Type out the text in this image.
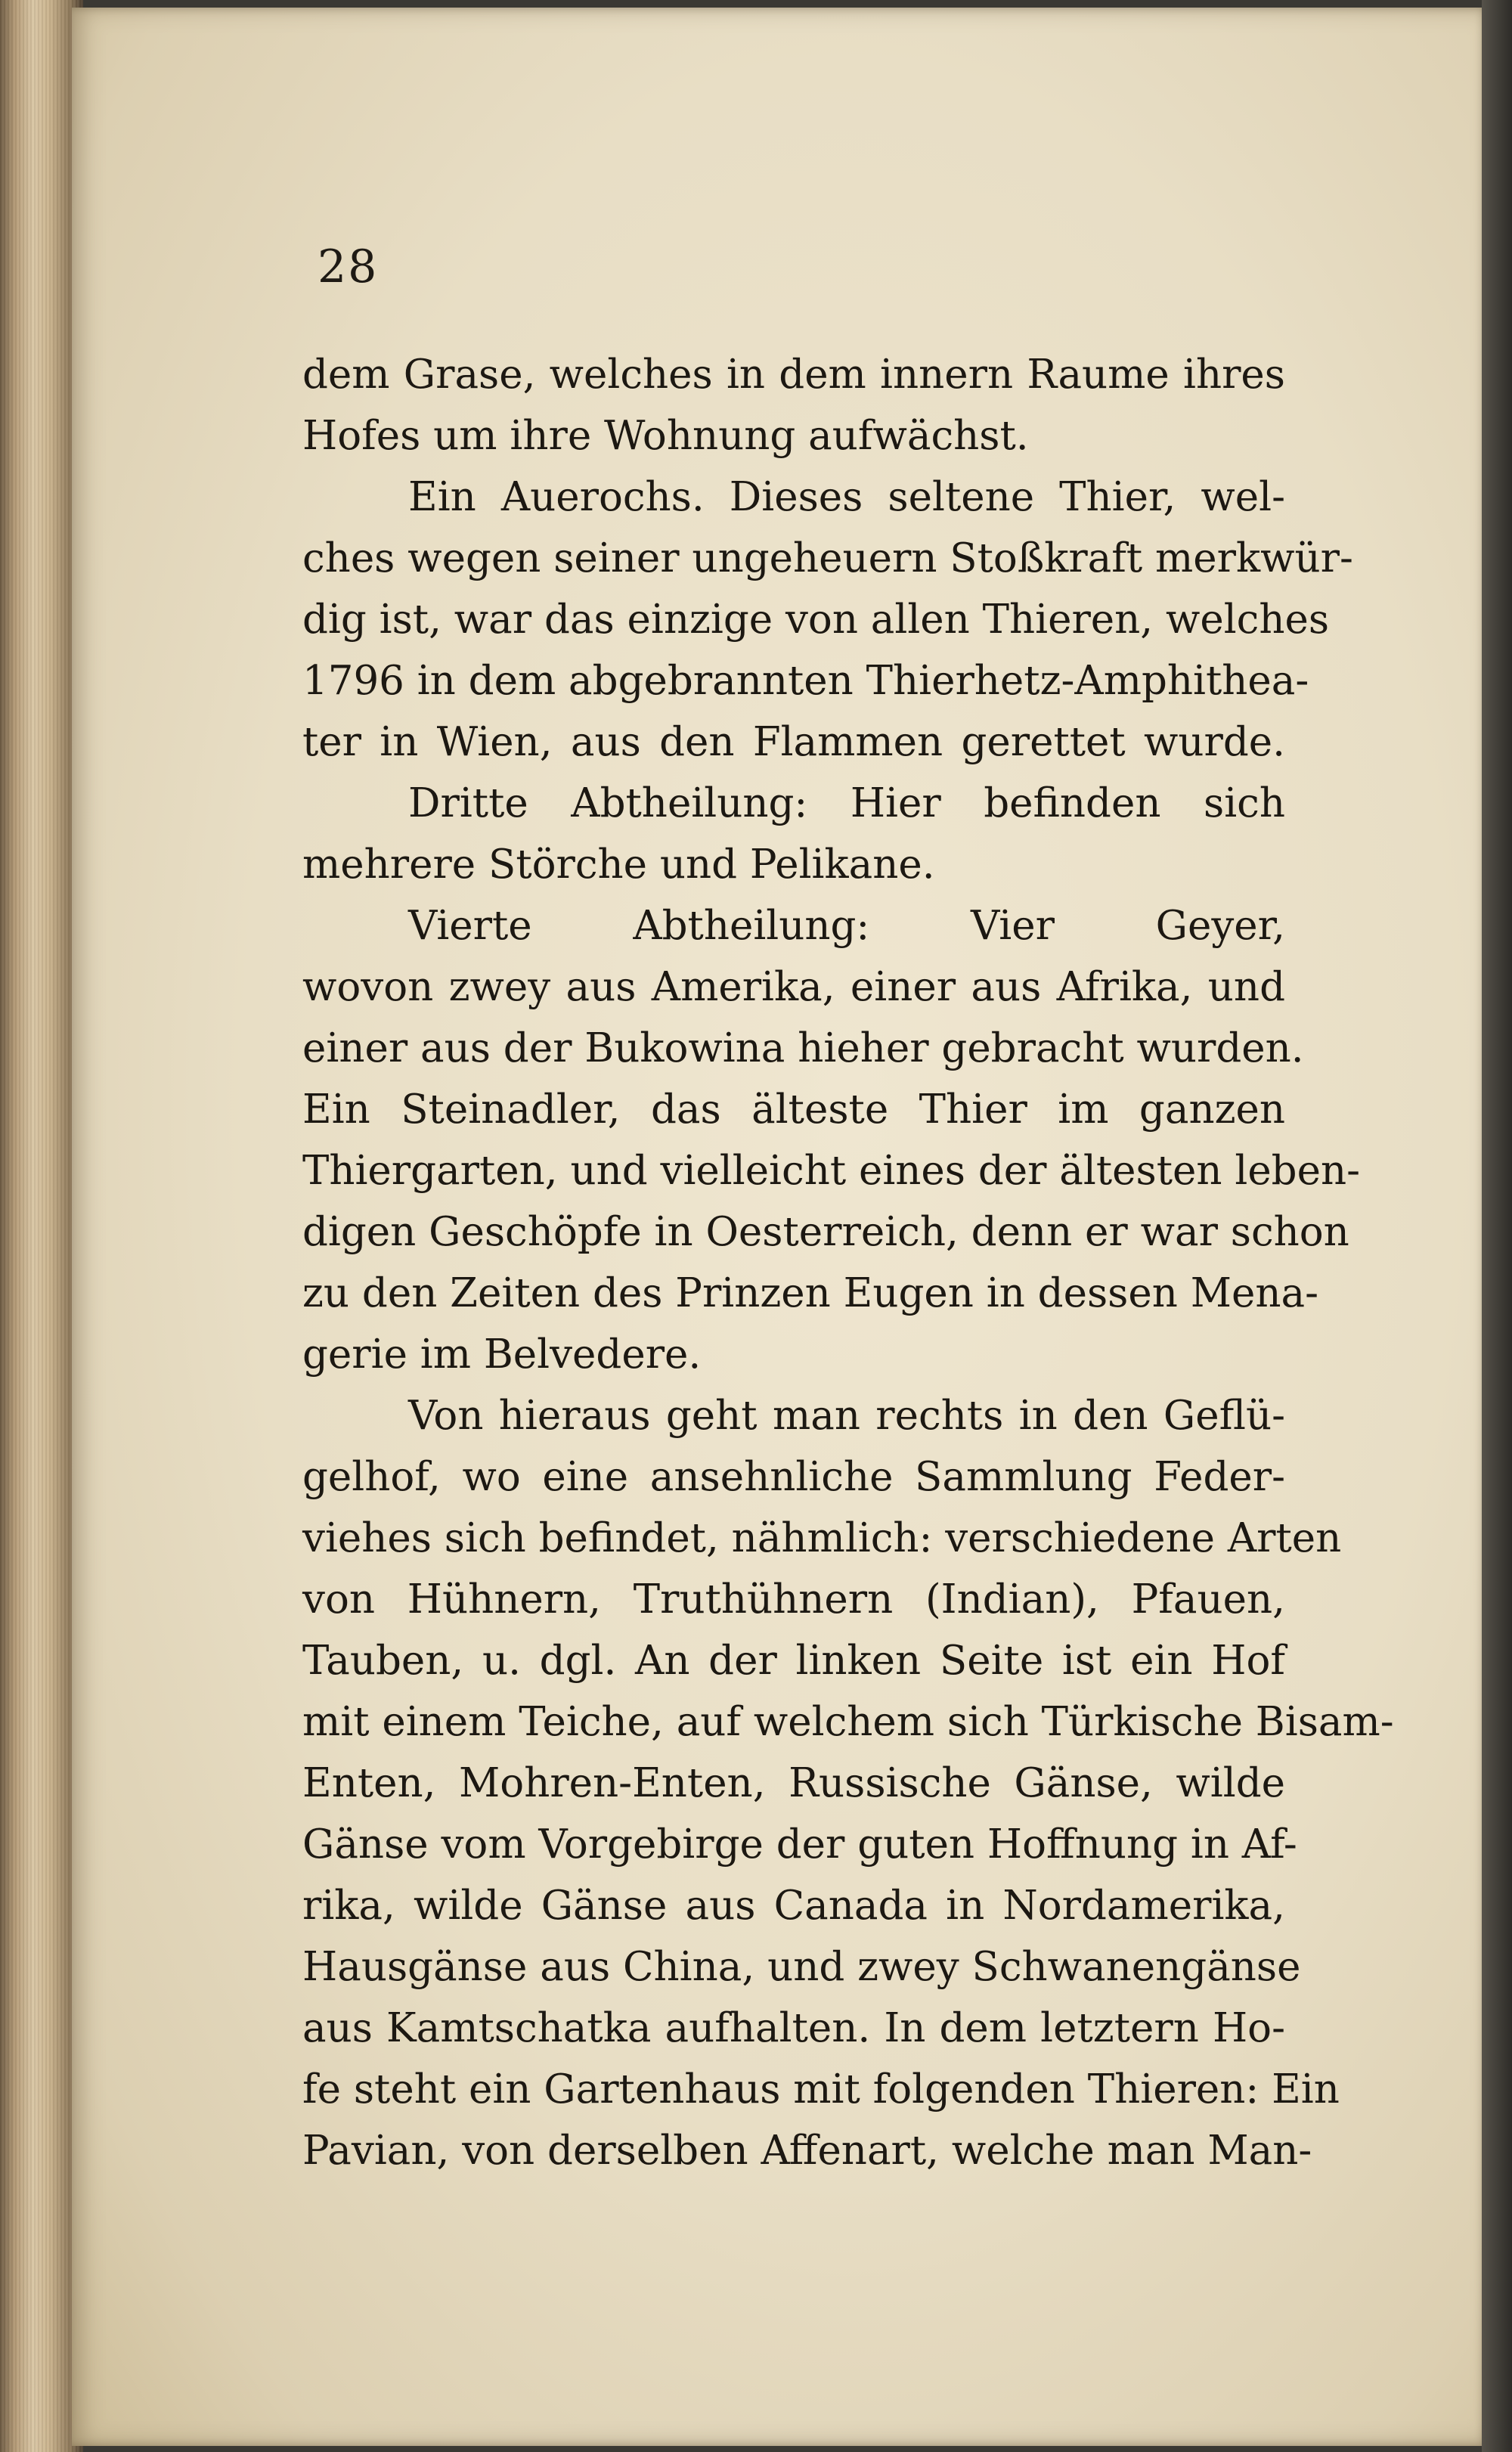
28
dem Grase, welches in dem innern Raume ihres
Hofes um ihre Wohnung aufwächst.
Ein Auerochs. Dieses seltene Thier, wel-
ches wegen seiner ungeheuern Stoßkraft merkwür-
dig ist, war das einzige von allen Thieren, welches
1796 in dem abgebrannten Thierhetz-Amphithea-
ter in Wien, aus den Flammen gerettet wurde.
Dritte Abtheilung: Hier befinden sich
mehrere Störche und Pelikane.
Vierte Abtheilung: Vier Geyer,
wovon zwey aus Amerika, einer aus Afrika, und
einer aus der Bukowina hieher gebracht wurden.
Ein Steinadler, das älteste Thier im ganzen
Thiergarten, und vielleicht eines der ältesten leben-
digen Geschöpfe in Oesterreich, denn er war schon
zu den Zeiten des Prinzen Eugen in dessen Mena-
gerie im Belvedere.
Von hieraus geht man rechts in den Geflü-
gelhof, wo eine ansehnliche Sammlung Feder-
viehes sich befindet, nähmlich: verschiedene Arten
von Hühnern, Truthühnern (Indian), Pfauen,
Tauben, u. dgl. An der linken Seite ist ein Hof
mit einem Teiche, auf welchem sich Türkische Bisam-
Enten, Mohren-Enten, Russische Gänse, wilde
Gänse vom Vorgebirge der guten Hoffnung in Af-
rika, wilde Gänse aus Canada in Nordamerika,
Hausgänse aus China, und zwey Schwanengänse
aus Kamtschatka aufhalten. In dem letztern Ho-
fe steht ein Gartenhaus mit folgenden Thieren: Ein
Pavian, von derselben Affenart, welche man Man-
